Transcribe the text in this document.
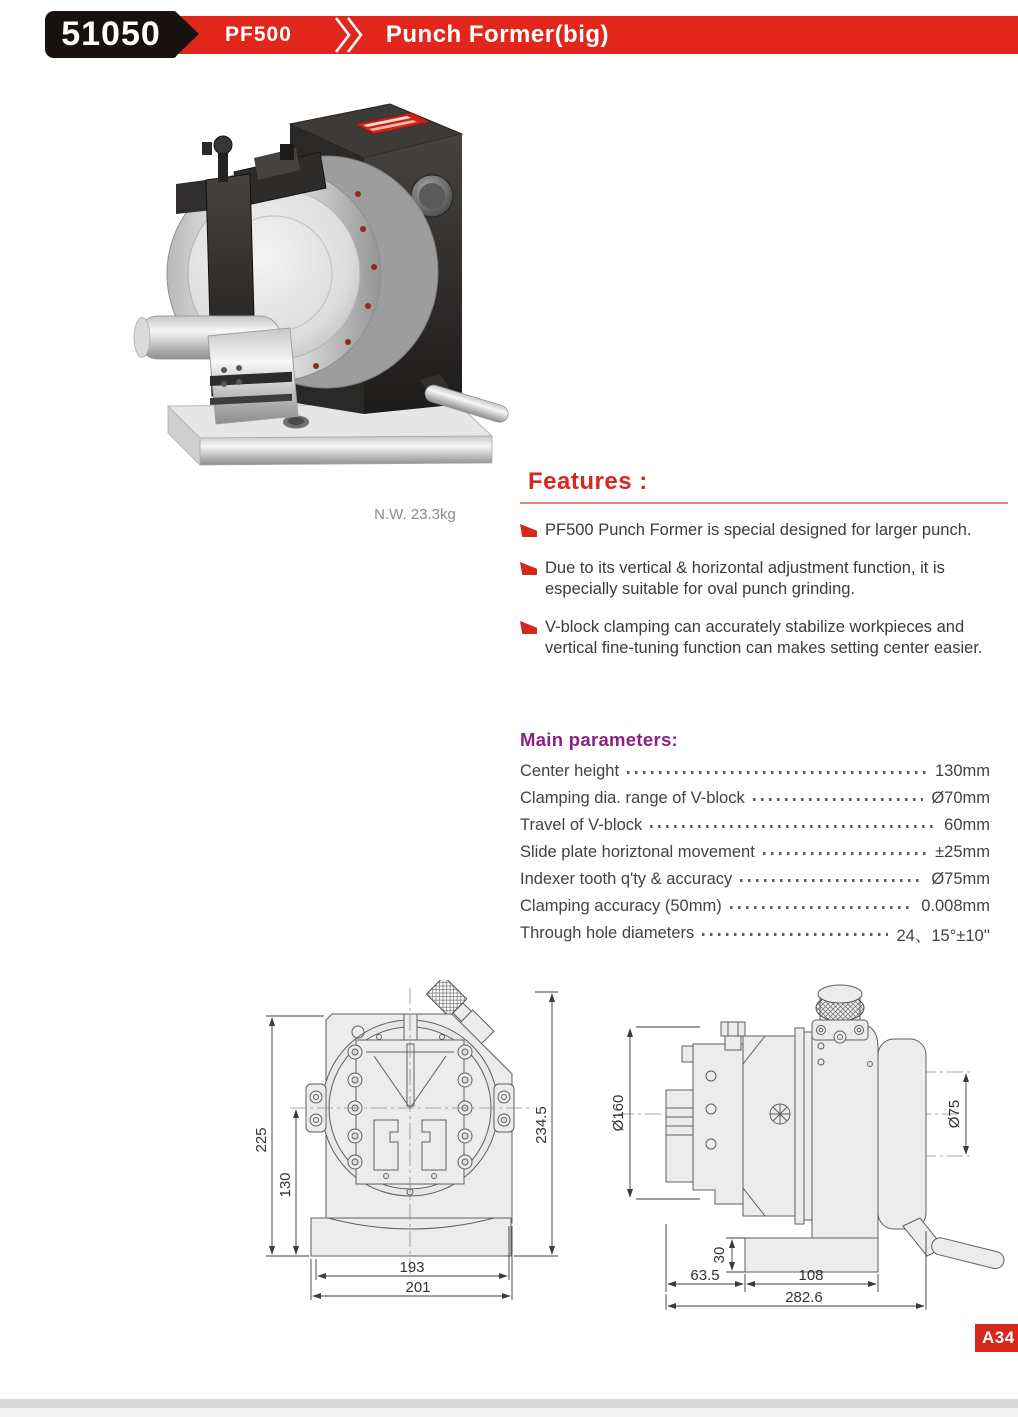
PF500	Punch Former(big)
51050
N.W. 23.3kg
Features :
PF500 Punch Former is special designed for larger punch.
Due to its vertical & horizontal adjustment function, it is especially suitable for oval punch grinding.
V-block clamping can accurately stabilize workpieces and vertical fine-tuning function can makes setting center easier.
Main parameters:
Center height	130mm
Clamping dia. range of V-block	Ø70mm
Travel of V-block	60mm
Slide plate horiztonal movement	±25mm
Indexer tooth q'ty & accuracy	Ø75mm
Clamping accuracy (50mm)	0.008mm
Through hole diameters	24、15°±10''
225
130
234.5
193
201
Ø160	Ø75
30
63.5	108
282.6
A34
